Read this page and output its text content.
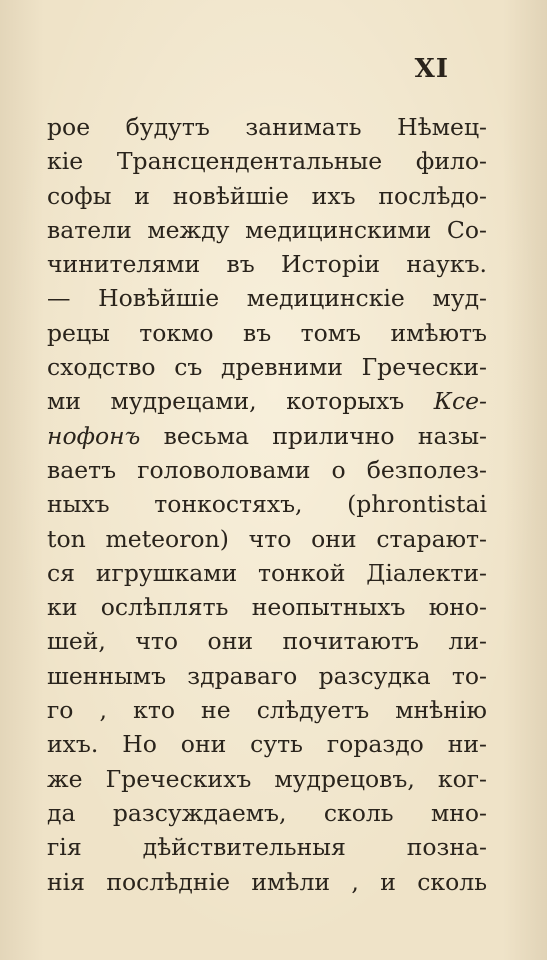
XI
рое будутъ занимать Нѣмец-
кіе Трансцендентальные фило-
софы и новѣйшіе ихъ послѣдо-
ватели между медицинскими Со-
чинителями въ Исторіи наукъ.
— Новѣйшіе медицинскіе муд-
рецы токмо въ томъ имѣютъ
сходство съ древними Гречески-
ми мудрецами, которыхъ Ксе-
нофонъ весьма прилично назы-
ваетъ головоловами о безполез-
ныхъ тонкостяхъ, (phrontistai
ton meteoron) что они старают-
ся игрушками тонкой Діалекти-
ки ослѣплять неопытныхъ юно-
шей, что они почитаютъ ли-
шеннымъ здраваго разсудка то-
го , кто не слѣдуетъ мнѣнію
ихъ. Но они суть гораздо ни-
же Греческихъ мудрецовъ, ког-
да разсуждаемъ, сколь мно-
гія дѣйствительныя позна-
нія послѣдніе имѣли , и сколь
